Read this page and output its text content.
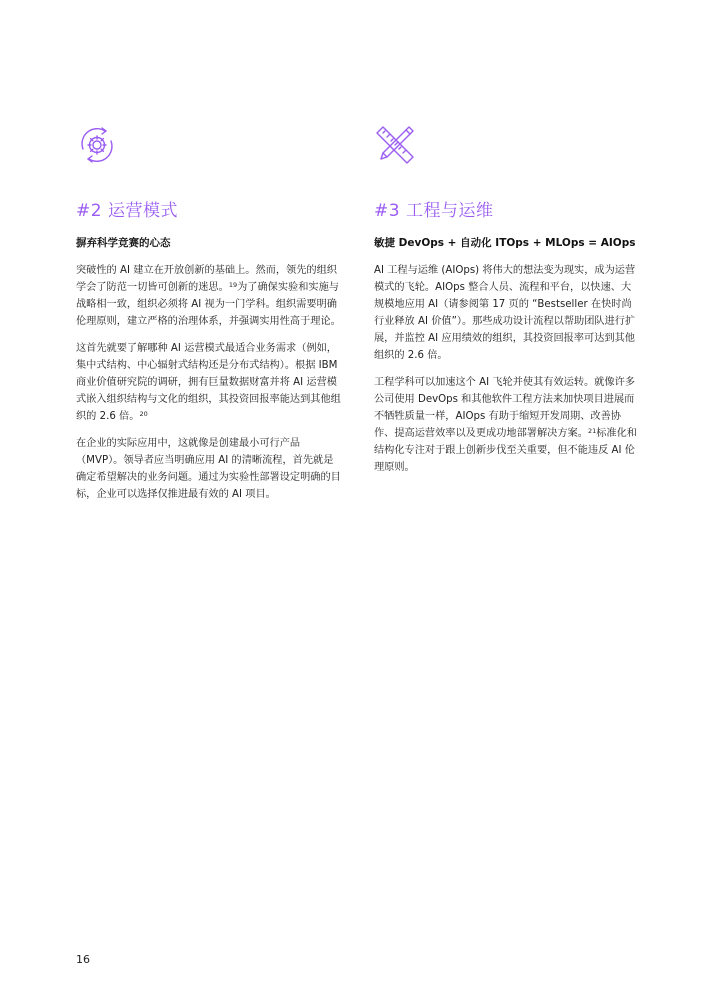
#2 运营模式
摒弃科学竞赛的心态

突破性的 AI 建立在开放创新的基础上。然而，领先的组织学会了防范一切皆可创新的迷思。$^{19}$为了确保实验和实施与战略相一致，组织必须将 AI 视为一门学科。组织需要明确伦理原则，建立严格的治理体系，并强调实用性高于理论。

这首先就要了解哪种 AI 运营模式最适合业务需求（例如，集中式结构、中心辐射式结构还是分布式结构）。根据 IBM 商业价值研究院的调研，拥有巨量数据财富并将 AI 运营模式嵌入组织结构与文化的组织，其投资回报率能达到其他组织的 2.6 倍。$^{20}$

在企业的实际应用中，这就像是创建最小可行产品（MVP）。领导者应当明确应用 AI 的清晰流程，首先就是确定希望解决的业务问题。通过为实验性部署设定明确的目标，企业可以选择仅推进最有效的 AI 项目。

#3 工程与运维
敏捷 DevOps + 自动化 ITOps + MLOps = AIOps

AI 工程与运维 (AIOps) 将伟大的想法变为现实，成为运营模式的飞轮。AIOps 整合人员、流程和平台，以快速、大规模地应用 AI（请参阅第 17 页的 “Bestseller 在快时尚行业释放 AI 价值”）。那些成功设计流程以帮助团队进行扩展，并监控 AI 应用绩效的组织，其投资回报率可达到其他组织的 2.6 倍。

工程学科可以加速这个 AI 飞轮并使其有效运转。就像许多公司使用 DevOps 和其他软件工程方法来加快项目进展而不牺牲质量一样，AIOps 有助于缩短开发周期、改善协作、提高运营效率以及更成功地部署解决方案。$^{21}$标准化和结构化专注对于跟上创新步伐至关重要，但不能违反 AI 伦理原则。

16
